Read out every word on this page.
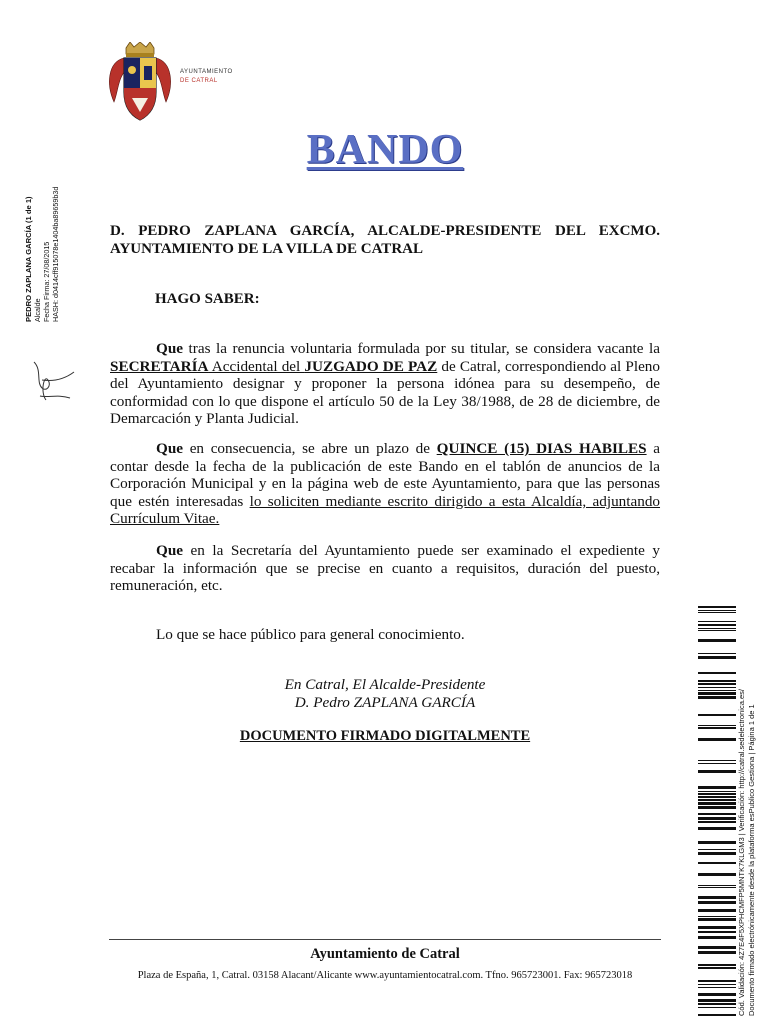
AYUNTAMIENTO
DE CATRAL
BANDO
PEDRO ZAPLANA GARCÍA (1 de 1) Alcalde Fecha Firma: 27/08/2015 HASH: d0414cff915078e1404ba89659b3d	D. PEDRO ZAPLANA GARCÍA, ALCALDE-PRESIDENTE DEL EXCMO. AYUNTAMIENTO DE LA VILLA DE CATRAL
HAGO SABER:
Que tras la renuncia voluntaria formulada por su titular, se considera vacante la SECRETARÍA Accidental del JUZGADO DE PAZ de Catral, correspondiendo al Pleno del Ayuntamiento designar y proponer la persona idónea para su desempeño, de conformidad con lo que dispone el artículo 50 de la Ley 38/1988, de 28 de diciembre, de Demarcación y Planta Judicial.
Que en consecuencia, se abre un plazo de QUINCE (15) DIAS HABILES a contar desde la fecha de la publicación de este Bando en el tablón de anuncios de la Corporación Municipal y en la página web de este Ayuntamiento, para que las personas que estén interesadas lo soliciten mediante escrito dirigido a esta Alcaldía, adjuntando Currículum Vitae.
Que en la Secretaría del Ayuntamiento puede ser examinado el expediente y recabar la información que se precise en cuanto a requisitos, duración del puesto, remuneración, etc.
Lo que se hace público para general conocimiento.
En Catral, El Alcalde-Presidente
D. Pedro ZAPLANA GARCÍA
DOCUMENTO FIRMADO DIGITALMENTE
Ayuntamiento de Catral
Plaza de España, 1, Catral. 03158 Alacant/Alicante www.ayuntamientocatral.com. Tfno. 965723001. Fax: 965723018	Cód. Validación: 4Z7E4F5XPHCMFP5MNTK7KLGM3 | Verificación: http://catral.sedelectronica.es/ Documento firmado electrónicamente desde la plataforma esPublico Gestiona | Página 1 de 1
